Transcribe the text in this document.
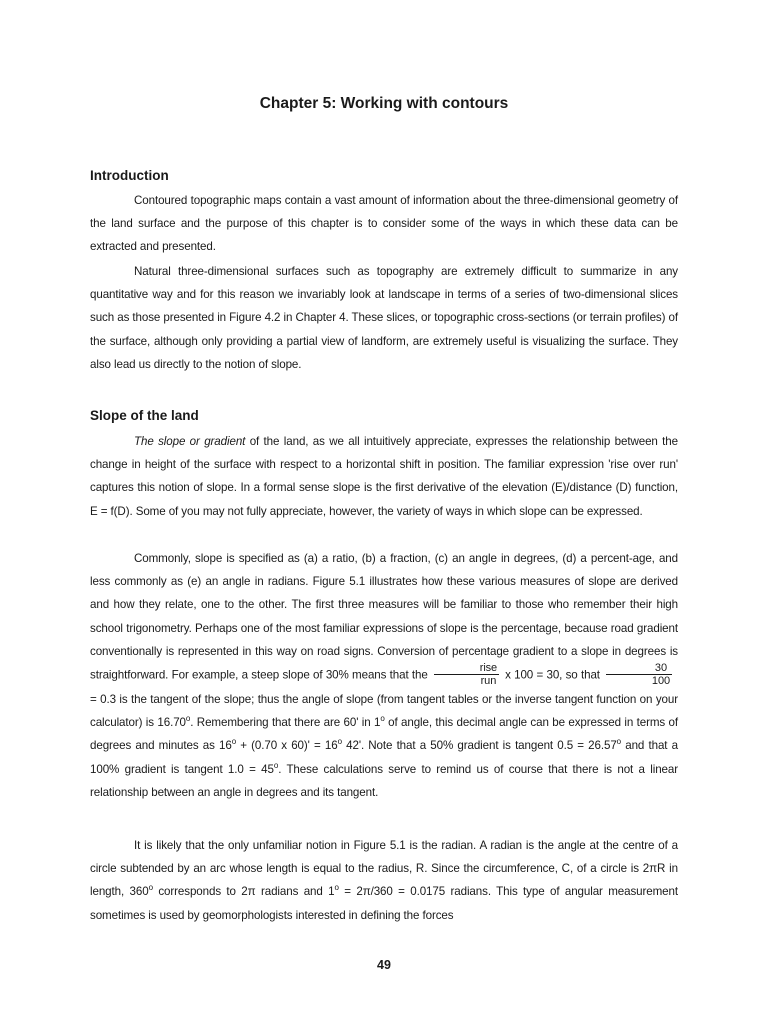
Chapter 5: Working with contours
Introduction

Contoured topographic maps contain a vast amount of information about the three-dimensional geometry of the land surface and the purpose of this chapter is to consider some of the ways in which these data can be extracted and presented.

Natural three-dimensional surfaces such as topography are extremely difficult to summarize in any quantitative way and for this reason we invariably look at landscape in terms of a series of two-dimensional slices such as those presented in Figure 4.2 in Chapter 4. These slices, or topographic cross-sections (or terrain profiles) of the surface, although only providing a partial view of landform, are extremely useful is visualizing the surface. They also lead us directly to the notion of slope.

Slope of the land

The slope or gradient of the land, as we all intuitively appreciate, expresses the relationship between the change in height of the surface with respect to a horizontal shift in position. The familiar expression 'rise over run' captures this notion of slope. In a formal sense slope is the first derivative of the elevation (E)/distance (D) function, E = f(D). Some of you may not fully appreciate, however, the variety of ways in which slope can be expressed.

Commonly, slope is specified as (a) a ratio, (b) a fraction, (c) an angle in degrees, (d) a percent-age, and less commonly as (e) an angle in radians. Figure 5.1 illustrates how these various measures of slope are derived and how they relate, one to the other. The first three measures will be familiar to those who remember their high school trigonometry. Perhaps one of the most familiar expressions of slope is the percentage, because road gradient conventionally is represented in this way on road signs. Conversion of percentage gradient to a slope in degrees is straightforward. For example, a steep slope of 30% means that the $\frac{\text{rise}}{\text{run}}$ x 100 = 30, so that $\frac{30}{100}$
= 0.3 is the tangent of the slope; thus the angle of slope (from tangent tables or the inverse tangent function on your calculator) is 16.70$^o$. Remembering that there are 60' in 1$^o$ of angle, this decimal angle can be expressed in terms of degrees and minutes as $16^o + (0.70$ x $60)' = 16^o$ 42'. Note that a 50% gradient is tangent $0.5 = 26.57^o$ and that a 100% gradient is tangent $1.0 = 45^o$. These calculations serve to remind us of course that there is not a linear relationship between an angle in degrees and its tangent.

It is likely that the only unfamiliar notion in Figure 5.1 is the radian. A radian is the angle at the centre of a circle subtended by an arc whose length is equal to the radius, R. Since the circumference, C, of a circle is 2πR in length, 360$^o$ corresponds to 2π radians and $1^o = 2\pi/360 = 0.0175$ radians. This type of angular measurement sometimes is used by geomorphologists interested in defining the forces

49
